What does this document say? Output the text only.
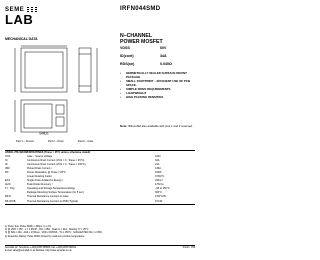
SEME
LAB
IRFN044SMD
MECHANICAL DATA	N–CHANNEL
POWER MOSFET
VDSS	60V
ID(cont)	34A
RDS(on)	0.040Ω
• HERMETICALLY SEALED SURFACE MOUNT PACKAGE
• SMALL FOOTPRINT – EFFICIENT USE OF PCB SPACE.
• SIMPLE DRIVE REQUIREMENTS
• LIGHTWEIGHT
• HIGH PACKING DENSITIES
Note: IRFxxxSM also available with pins 1 and 3 reversed.
SMD1
Pad 1 – Source	Pad 2 – Drain	Pad 3 – Gate
ABSOLUTE MAXIMUM RATINGS (Tcase = 25°C unless otherwise stated)
VGS	Gate – Source Voltage	±20V
ID	Continuous Drain Current (VGS = 0 , Tcase = 25°C)	34A
ID	Continuous Drain Current (VGS = 0 , Tcase = 100°C)	21A
IDM	Pulsed Drain Current ¹	136A
PD	Power Dissipation @ Tcase = 25°C	150W
Linear Derating Factor	0.6W/°C
EAS	Single Pulse Avalanche Energy ²	240mJ
dv/dt	Peak Diode Recovery ³	4.5V/ns
TJ , Tstg	Operating and Storage Temperature Range	–55 to 150°C
Package Mounting Surface Temperature (for 5 sec)	300°C
RθJC	Thermal Resistance Junction to Case	0.83°C/W
RθJ-PCB	Thermal Resistance Junction to PCB (Typical)	4°C/W
1) Pulse Test: Pulse Width ≤ 300μs, δ ≤ 2%
2) @ VDD = 25V , L = 0.35mH , RG = 25Ω , Peak IL = 34A , Starting TJ = 25°C
3) @ ISD ≤ 34A , di/dt ≤ 170A/μs , VDD ≤ BVDSS , TJ ≤ 150°C , SUGGESTED RG = 2.35Ω
4) Repetitive Rating: Pulse Width limited by maximum junction temperature.
Semelab plc. Telephone +44(0)1455 556565. Fax +44(0)1455 552612.
E-mail: sales@semelab.co.uk Website: http://www.semelab.co.uk
Prelim. 7/99
